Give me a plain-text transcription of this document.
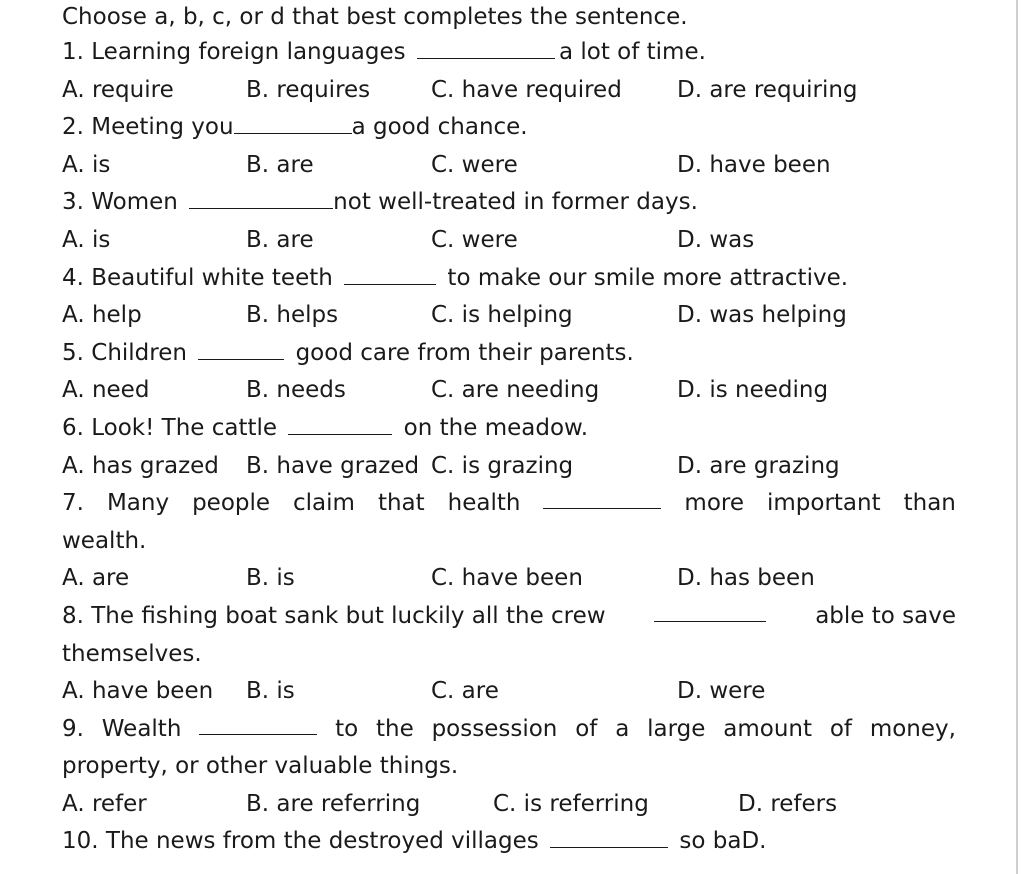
Choose a, b, c, or d that best completes the sentence.
1. Learning foreign languages	a lot of time.
A. require	B. requires	C. have required D. are requiring
2. Meeting you	a good chance.
A. is	B. are	C. were	D. have been
3. Women	not well-treated in former days.
A. is	B. are	C. were	D. was
4. Beautiful white teeth	to make our smile more attractive.
A. help	B. helps	C. is helping	D. was helping
5. Children	good care from their parents.
A. need	B. needs	C. are needing	D. is needing
6. Look! The cattle	on the meadow.
A. has grazed B. have grazed C. is grazing	D. are grazing
7. Many people claim that health	more important than
wealth.
A. are	B. is	C. have been	D. has been
8. The fishing boat sank but luckily all the crew	able to save
themselves.
A. have been B. is	C. are	D. were
9. Wealth	to the possession of a large amount of money,
property, or other valuable things.
A. refer	B. are referring	C. is referring	D. refers
10. The news from the destroyed villages	so baD.
